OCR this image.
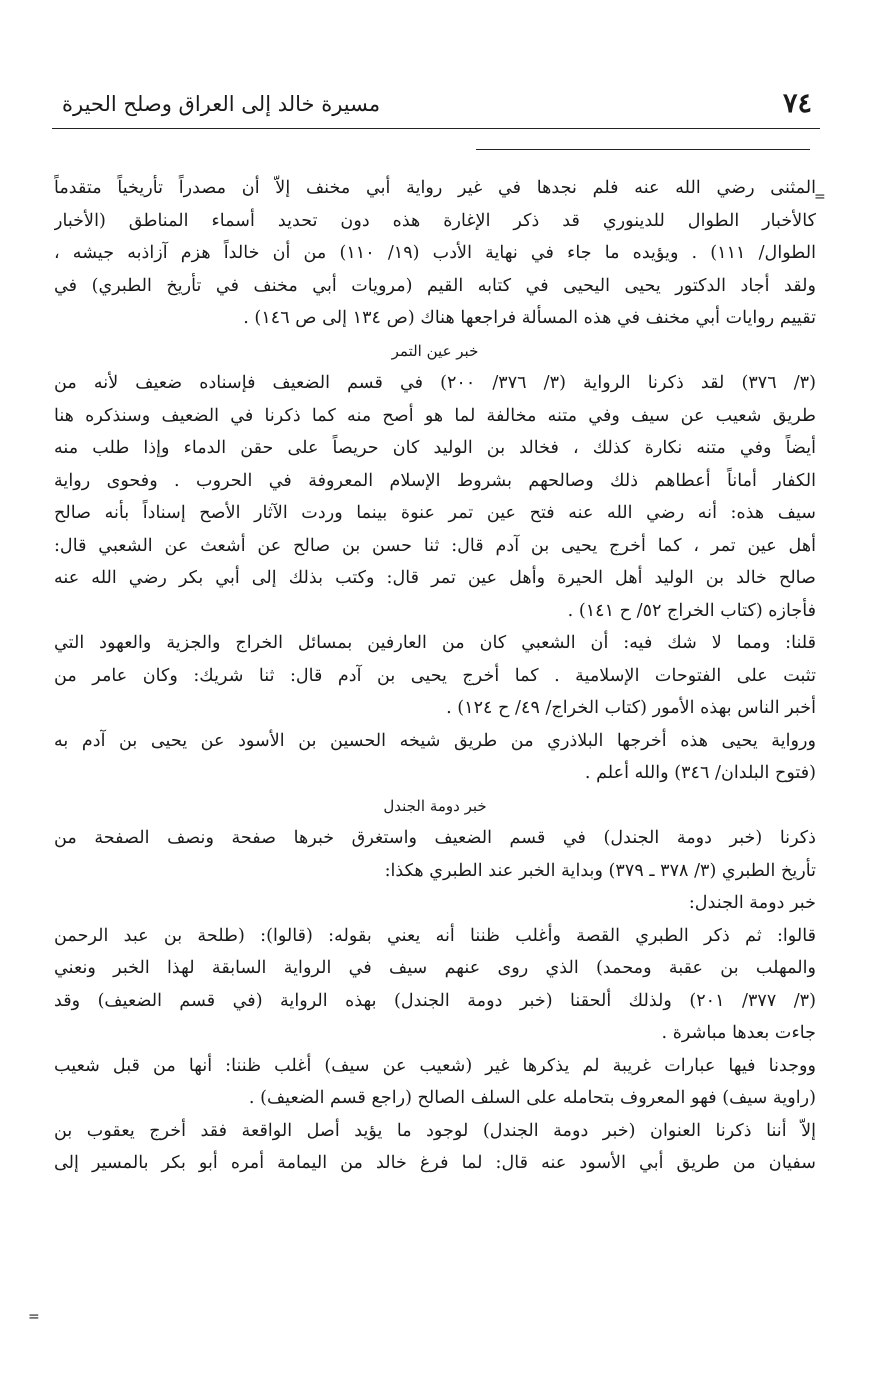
٧٤
مسيرة خالد إلى العراق وصلح الحيرة
=
=
المثنى رضي الله عنه فلم نجدها في غير رواية أبي مخنف إلاّ أن مصدراً تأريخياً متقدماً
كالأخبار الطوال للدينوري قد ذكر الإغارة هذه دون تحديد أسماء المناطق (الأخبار
الطوال/ ١١١) . ويؤيده ما جاء في نهاية الأدب (١٩/ ١١٠) من أن خالداً هزم آزاذبه جيشه ،
ولقد أجاد الدكتور يحيى اليحيى في كتابه القيم (مرويات أبي مخنف في تأريخ الطبري) في
تقييم روايات أبي مخنف في هذه المسألة فراجعها هناك (ص ١٣٤ إلى ص ١٤٦) .
خبر عين التمر
(٣/ ٣٧٦) لقد ذكرنا الرواية (٣/ ٣٧٦/ ٢٠٠) في قسم الضعيف فإسناده ضعيف لأنه من
طريق شعيب عن سيف وفي متنه مخالفة لما هو أصح منه كما ذكرنا في الضعيف وسنذكره هنا
أيضاً وفي متنه نكارة كذلك ، فخالد بن الوليد كان حريصاً على حقن الدماء وإذا طلب منه
الكفار أماناً أعطاهم ذلك وصالحهم بشروط الإسلام المعروفة في الحروب . وفحوى رواية
سيف هذه: أنه رضي الله عنه فتح عين تمر عنوة بينما وردت الآثار الأصح إسناداً بأنه صالح
أهل عين تمر ، كما أخرج يحيى بن آدم قال: ثنا حسن بن صالح عن أشعث عن الشعبي قال:
صالح خالد بن الوليد أهل الحيرة وأهل عين تمر قال: وكتب بذلك إلى أبي بكر رضي الله عنه
فأجازه (كتاب الخراج ٥٢/ ح ١٤١) .
قلنا: ومما لا شك فيه: أن الشعبي كان من العارفين بمسائل الخراج والجزية والعهود التي
تثبت على الفتوحات الإسلامية . كما أخرج يحيى بن آدم قال: ثنا شريك: وكان عامر من
أخبر الناس بهذه الأمور (كتاب الخراج/ ٤٩/ ح ١٢٤) .
ورواية يحيى هذه أخرجها البلاذري من طريق شيخه الحسين بن الأسود عن يحيى بن آدم به
(فتوح البلدان/ ٣٤٦) والله أعلم .
خبر دومة الجندل
ذكرنا (خبر دومة الجندل) في قسم الضعيف واستغرق خبرها صفحة ونصف الصفحة من
تأريخ الطبري (٣/ ٣٧٨ ـ ٣٧٩) وبداية الخبر عند الطبري هكذا:
خبر دومة الجندل:
قالوا: ثم ذكر الطبري القصة وأغلب ظننا أنه يعني بقوله: (قالوا): (طلحة بن عبد الرحمن
والمهلب بن عقبة ومحمد) الذي روى عنهم سيف في الرواية السابقة لهذا الخبر ونعني
(٣/ ٣٧٧/ ٢٠١) ولذلك ألحقنا (خبر دومة الجندل) بهذه الرواية (في قسم الضعيف) وقد
جاءت بعدها مباشرة .
ووجدنا فيها عبارات غريبة لم يذكرها غير (شعيب عن سيف) أغلب ظننا: أنها من قبل شعيب
(راوية سيف) فهو المعروف بتحامله على السلف الصالح (راجع قسم الضعيف) .
إلاّ أننا ذكرنا العنوان (خبر دومة الجندل) لوجود ما يؤيد أصل الواقعة فقد أخرج يعقوب بن
سفيان من طريق أبي الأسود عنه قال: لما فرغ خالد من اليمامة أمره أبو بكر بالمسير إلى
